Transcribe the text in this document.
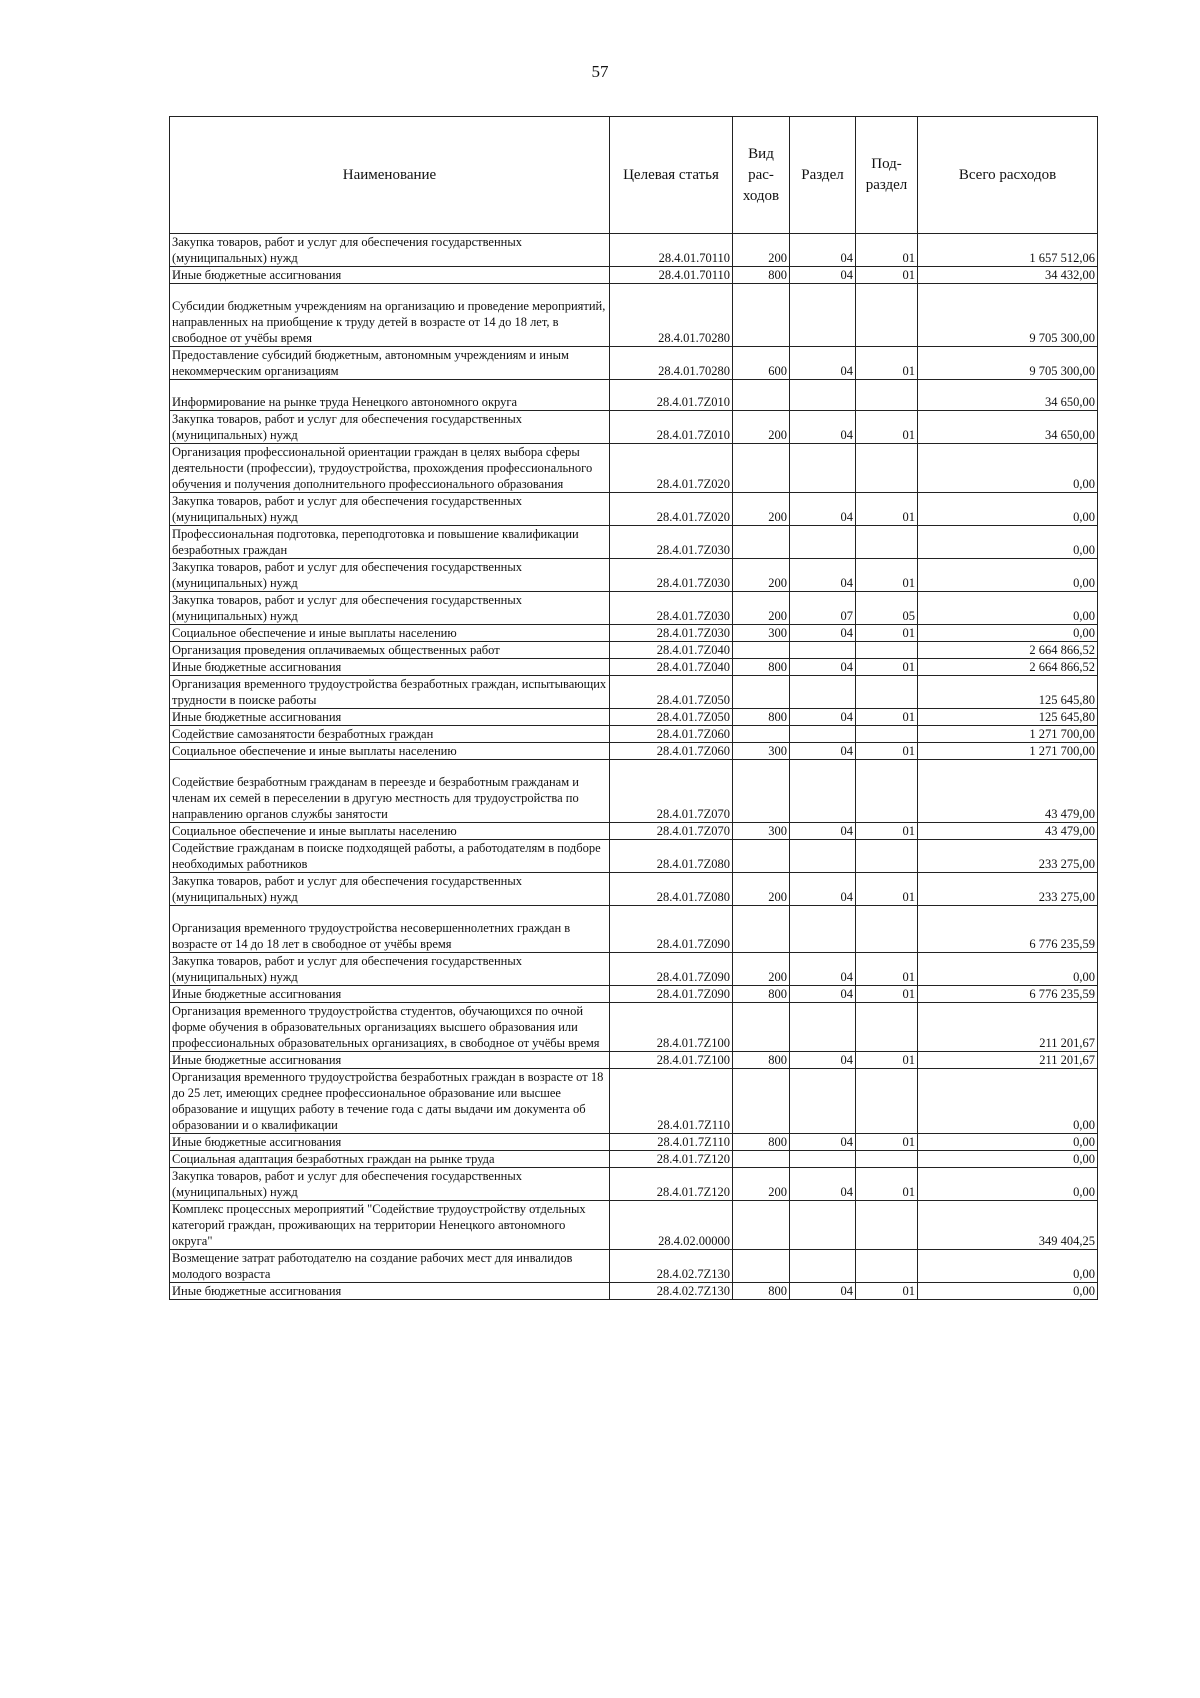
57
Наименование	Целевая статья	Вид рас-ходов	Раздел	Под-раздел	Всего расходов
Закупка товаров, работ и услуг для обеспечения государственных (муниципальных) нужд	28.4.01.70110	200	04	01	1 657 512,06
Иные бюджетные ассигнования	28.4.01.70110	800	04	01	34 432,00
Субсидии бюджетным учреждениям на организацию и проведение мероприятий, направленных на приобщение к труду детей в возрасте от 14 до 18 лет, в свободное от учёбы время	28.4.01.70280				9 705 300,00
Предоставление субсидий бюджетным, автономным учреждениям и иным некоммерческим организациям	28.4.01.70280	600	04	01	9 705 300,00
Информирование на рынке труда Ненецкого автономного округа	28.4.01.7Z010				34 650,00
Закупка товаров, работ и услуг для обеспечения государственных (муниципальных) нужд	28.4.01.7Z010	200	04	01	34 650,00
Организация профессиональной ориентации граждан в целях выбора сферы деятельности (профессии), трудоустройства, прохождения профессионального обучения и получения дополнительного профессионального образования	28.4.01.7Z020				0,00
Закупка товаров, работ и услуг для обеспечения государственных (муниципальных) нужд	28.4.01.7Z020	200	04	01	0,00
Профессиональная подготовка, переподготовка и повышение квалификации безработных граждан	28.4.01.7Z030				0,00
Закупка товаров, работ и услуг для обеспечения государственных (муниципальных) нужд	28.4.01.7Z030	200	04	01	0,00
Закупка товаров, работ и услуг для обеспечения государственных (муниципальных) нужд	28.4.01.7Z030	200	07	05	0,00
Социальное обеспечение и иные выплаты населению	28.4.01.7Z030	300	04	01	0,00
Организация проведения оплачиваемых общественных работ	28.4.01.7Z040				2 664 866,52
Иные бюджетные ассигнования	28.4.01.7Z040	800	04	01	2 664 866,52
Организация временного трудоустройства безработных граждан, испытывающих трудности в поиске работы	28.4.01.7Z050				125 645,80
Иные бюджетные ассигнования	28.4.01.7Z050	800	04	01	125 645,80
Содействие самозанятости безработных граждан	28.4.01.7Z060				1 271 700,00
Социальное обеспечение и иные выплаты населению	28.4.01.7Z060	300	04	01	1 271 700,00
Содействие безработным гражданам в переезде и безработным гражданам и членам их семей в переселении в другую местность для трудоустройства по направлению органов службы занятости	28.4.01.7Z070				43 479,00
Социальное обеспечение и иные выплаты населению	28.4.01.7Z070	300	04	01	43 479,00
Содействие гражданам в поиске подходящей работы, а работодателям в подборе необходимых работников	28.4.01.7Z080				233 275,00
Закупка товаров, работ и услуг для обеспечения государственных (муниципальных) нужд	28.4.01.7Z080	200	04	01	233 275,00
Организация временного трудоустройства несовершеннолетних граждан в возрасте от 14 до 18 лет в свободное от учёбы время	28.4.01.7Z090				6 776 235,59
Закупка товаров, работ и услуг для обеспечения государственных (муниципальных) нужд	28.4.01.7Z090	200	04	01	0,00
Иные бюджетные ассигнования	28.4.01.7Z090	800	04	01	6 776 235,59
Организация временного трудоустройства студентов, обучающихся по очной форме обучения в образовательных организациях высшего образования или профессиональных образовательных организациях, в свободное от учёбы время	28.4.01.7Z100				211 201,67
Иные бюджетные ассигнования	28.4.01.7Z100	800	04	01	211 201,67
Организация временного трудоустройства безработных граждан в возрасте от 18 до 25 лет, имеющих среднее профессиональное образование или высшее образование и ищущих работу в течение года с даты выдачи им документа об образовании и о квалификации	28.4.01.7Z110				0,00
Иные бюджетные ассигнования	28.4.01.7Z110	800	04	01	0,00
Социальная адаптация безработных граждан на рынке труда	28.4.01.7Z120				0,00
Закупка товаров, работ и услуг для обеспечения государственных (муниципальных) нужд	28.4.01.7Z120	200	04	01	0,00
Комплекс процессных мероприятий "Содействие трудоустройству отдельных категорий граждан, проживающих на территории Ненецкого автономного округа"	28.4.02.00000				349 404,25
Возмещение затрат работодателю на создание рабочих мест для инвалидов молодого возраста	28.4.02.7Z130				0,00
Иные бюджетные ассигнования	28.4.02.7Z130	800	04	01	0,00
